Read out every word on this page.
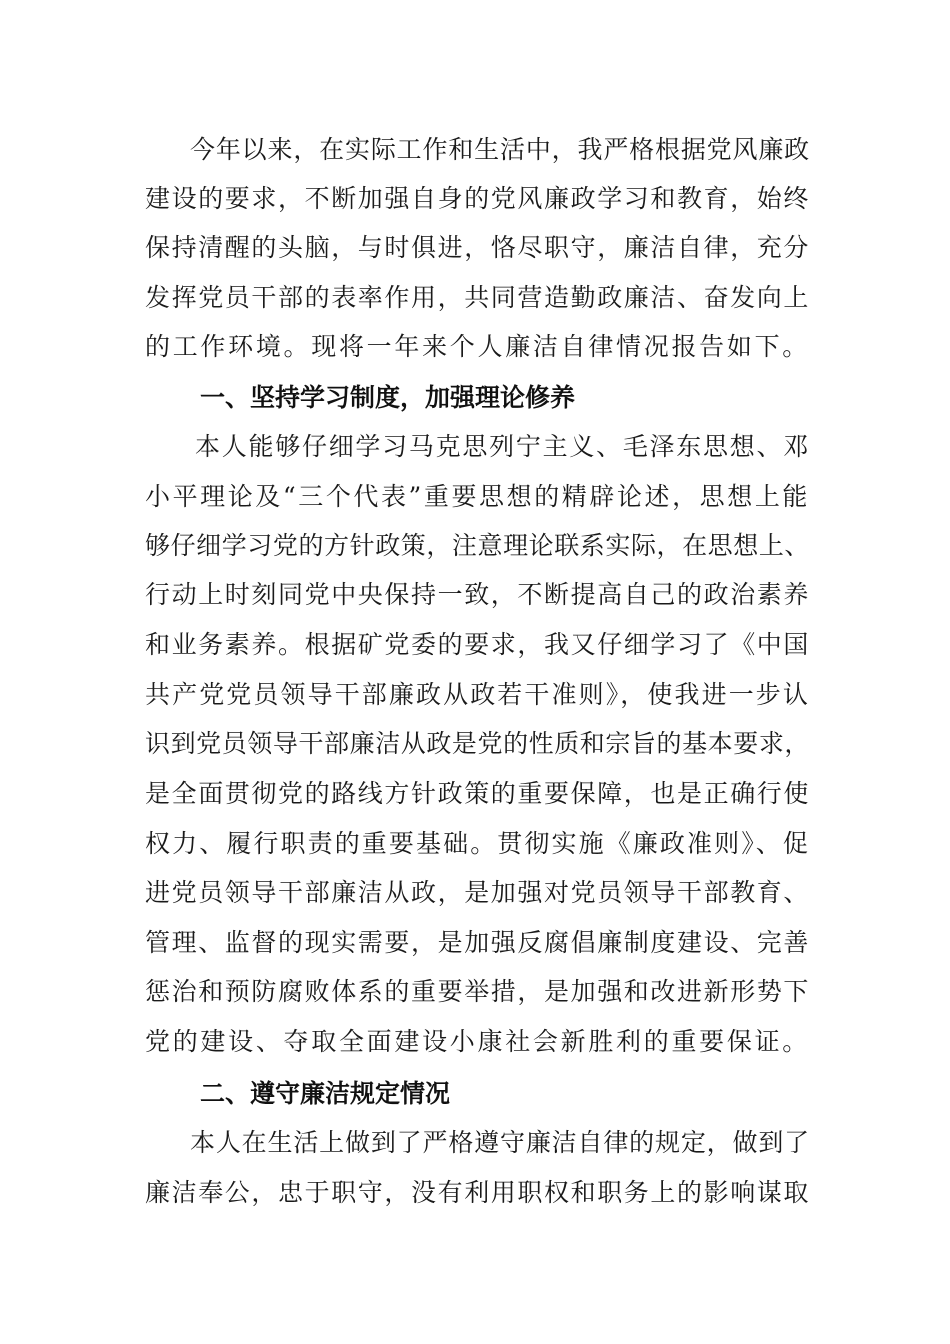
今年以来，在实际工作和生活中，我严格根据党风廉政
建设的要求，不断加强自身的党风廉政学习和教育，始终
保持清醒的头脑，与时俱进，恪尽职守，廉洁自律，充分
发挥党员干部的表率作用，共同营造勤政廉洁、奋发向上
的工作环境。现将一年来个人廉洁自律情况报告如下。
一、坚持学习制度，加强理论修养
本人能够仔细学习马克思列宁主义、毛泽东思想、邓
小平理论及“三个代表”重要思想的精辟论述，思想上能
够仔细学习党的方针政策，注意理论联系实际，在思想上、
行动上时刻同党中央保持一致，不断提高自己的政治素养
和业务素养。根据矿党委的要求，我又仔细学习了《中国
共产党党员领导干部廉政从政若干准则》，使我进一步认
识到党员领导干部廉洁从政是党的性质和宗旨的基本要求，
是全面贯彻党的路线方针政策的重要保障，也是正确行使
权力、履行职责的重要基础。贯彻实施《廉政准则》、促
进党员领导干部廉洁从政，是加强对党员领导干部教育、
管理、监督的现实需要，是加强反腐倡廉制度建设、完善
惩治和预防腐败体系的重要举措，是加强和改进新形势下
党的建设、夺取全面建设小康社会新胜利的重要保证。
二、遵守廉洁规定情况
本人在生活上做到了严格遵守廉洁自律的规定，做到了
廉洁奉公，忠于职守，没有利用职权和职务上的影响谋取
